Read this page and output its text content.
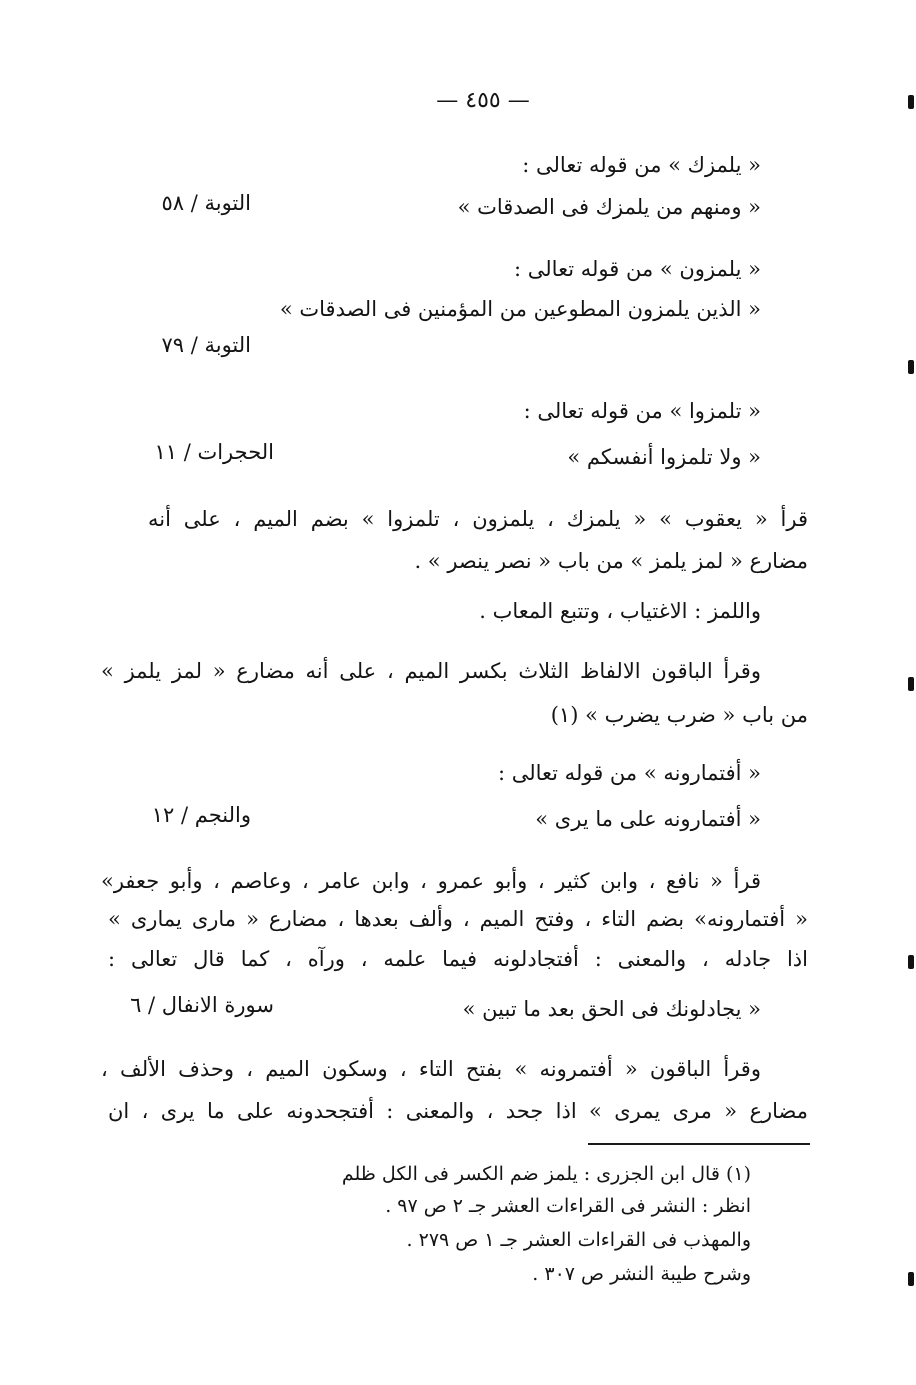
— ٤٥٥ —
« يلمزك » من قوله تعالى :
« ومنهم من يلمزك فى الصدقات »
التوبة / ٥٨
« يلمزون » من قوله تعالى :
« الذين يلمزون المطوعين من المؤمنين فى الصدقات »
التوبة / ٧٩
« تلمزوا » من قوله تعالى :
« ولا تلمزوا أنفسكم »
الحجرات / ١١
قرأ « يعقوب » « يلمزك ، يلمزون ، تلمزوا » بضم الميم ، على أنه
مضارع « لمز يلمز » من باب « نصر ينصر » .
واللمز : الاغتياب ، وتتبع المعاب .
وقرأ الباقون الالفاظ الثلاث بكسر الميم ، على أنه مضارع « لمز يلمز »
من باب « ضرب يضرب » (١)
« أفتمارونه » من قوله تعالى :
« أفتمارونه على ما يرى »
والنجم / ١٢
قرأ « نافع ، وابن كثير ، وأبو عمرو ، وابن عامر ، وعاصم ، وأبو جعفر»
« أفتمارونه» بضم التاء ، وفتح الميم ، وألف بعدها ، مضارع « مارى يمارى »
اذا جادله ، والمعنى : أفتجادلونه فيما علمه ، ورآه ، كما قال تعالى :
« يجادلونك فى الحق بعد ما تبين »
سورة الانفال / ٦
وقرأ الباقون « أفتمرونه » بفتح التاء ، وسكون الميم ، وحذف الألف ،
مضارع « مرى يمرى » اذا جحد ، والمعنى : أفتجحدونه على ما يرى ، ان
(١) قال ابن الجزرى : يلمز ضم الكسر فى الكل ظلم
انظر : النشر فى القراءات العشر جـ ٢ ص ٩٧ .
والمهذب فى القراءات العشر جـ ١ ص ٢٧٩ .
وشرح طيبة النشر ص ٣٠٧ .
